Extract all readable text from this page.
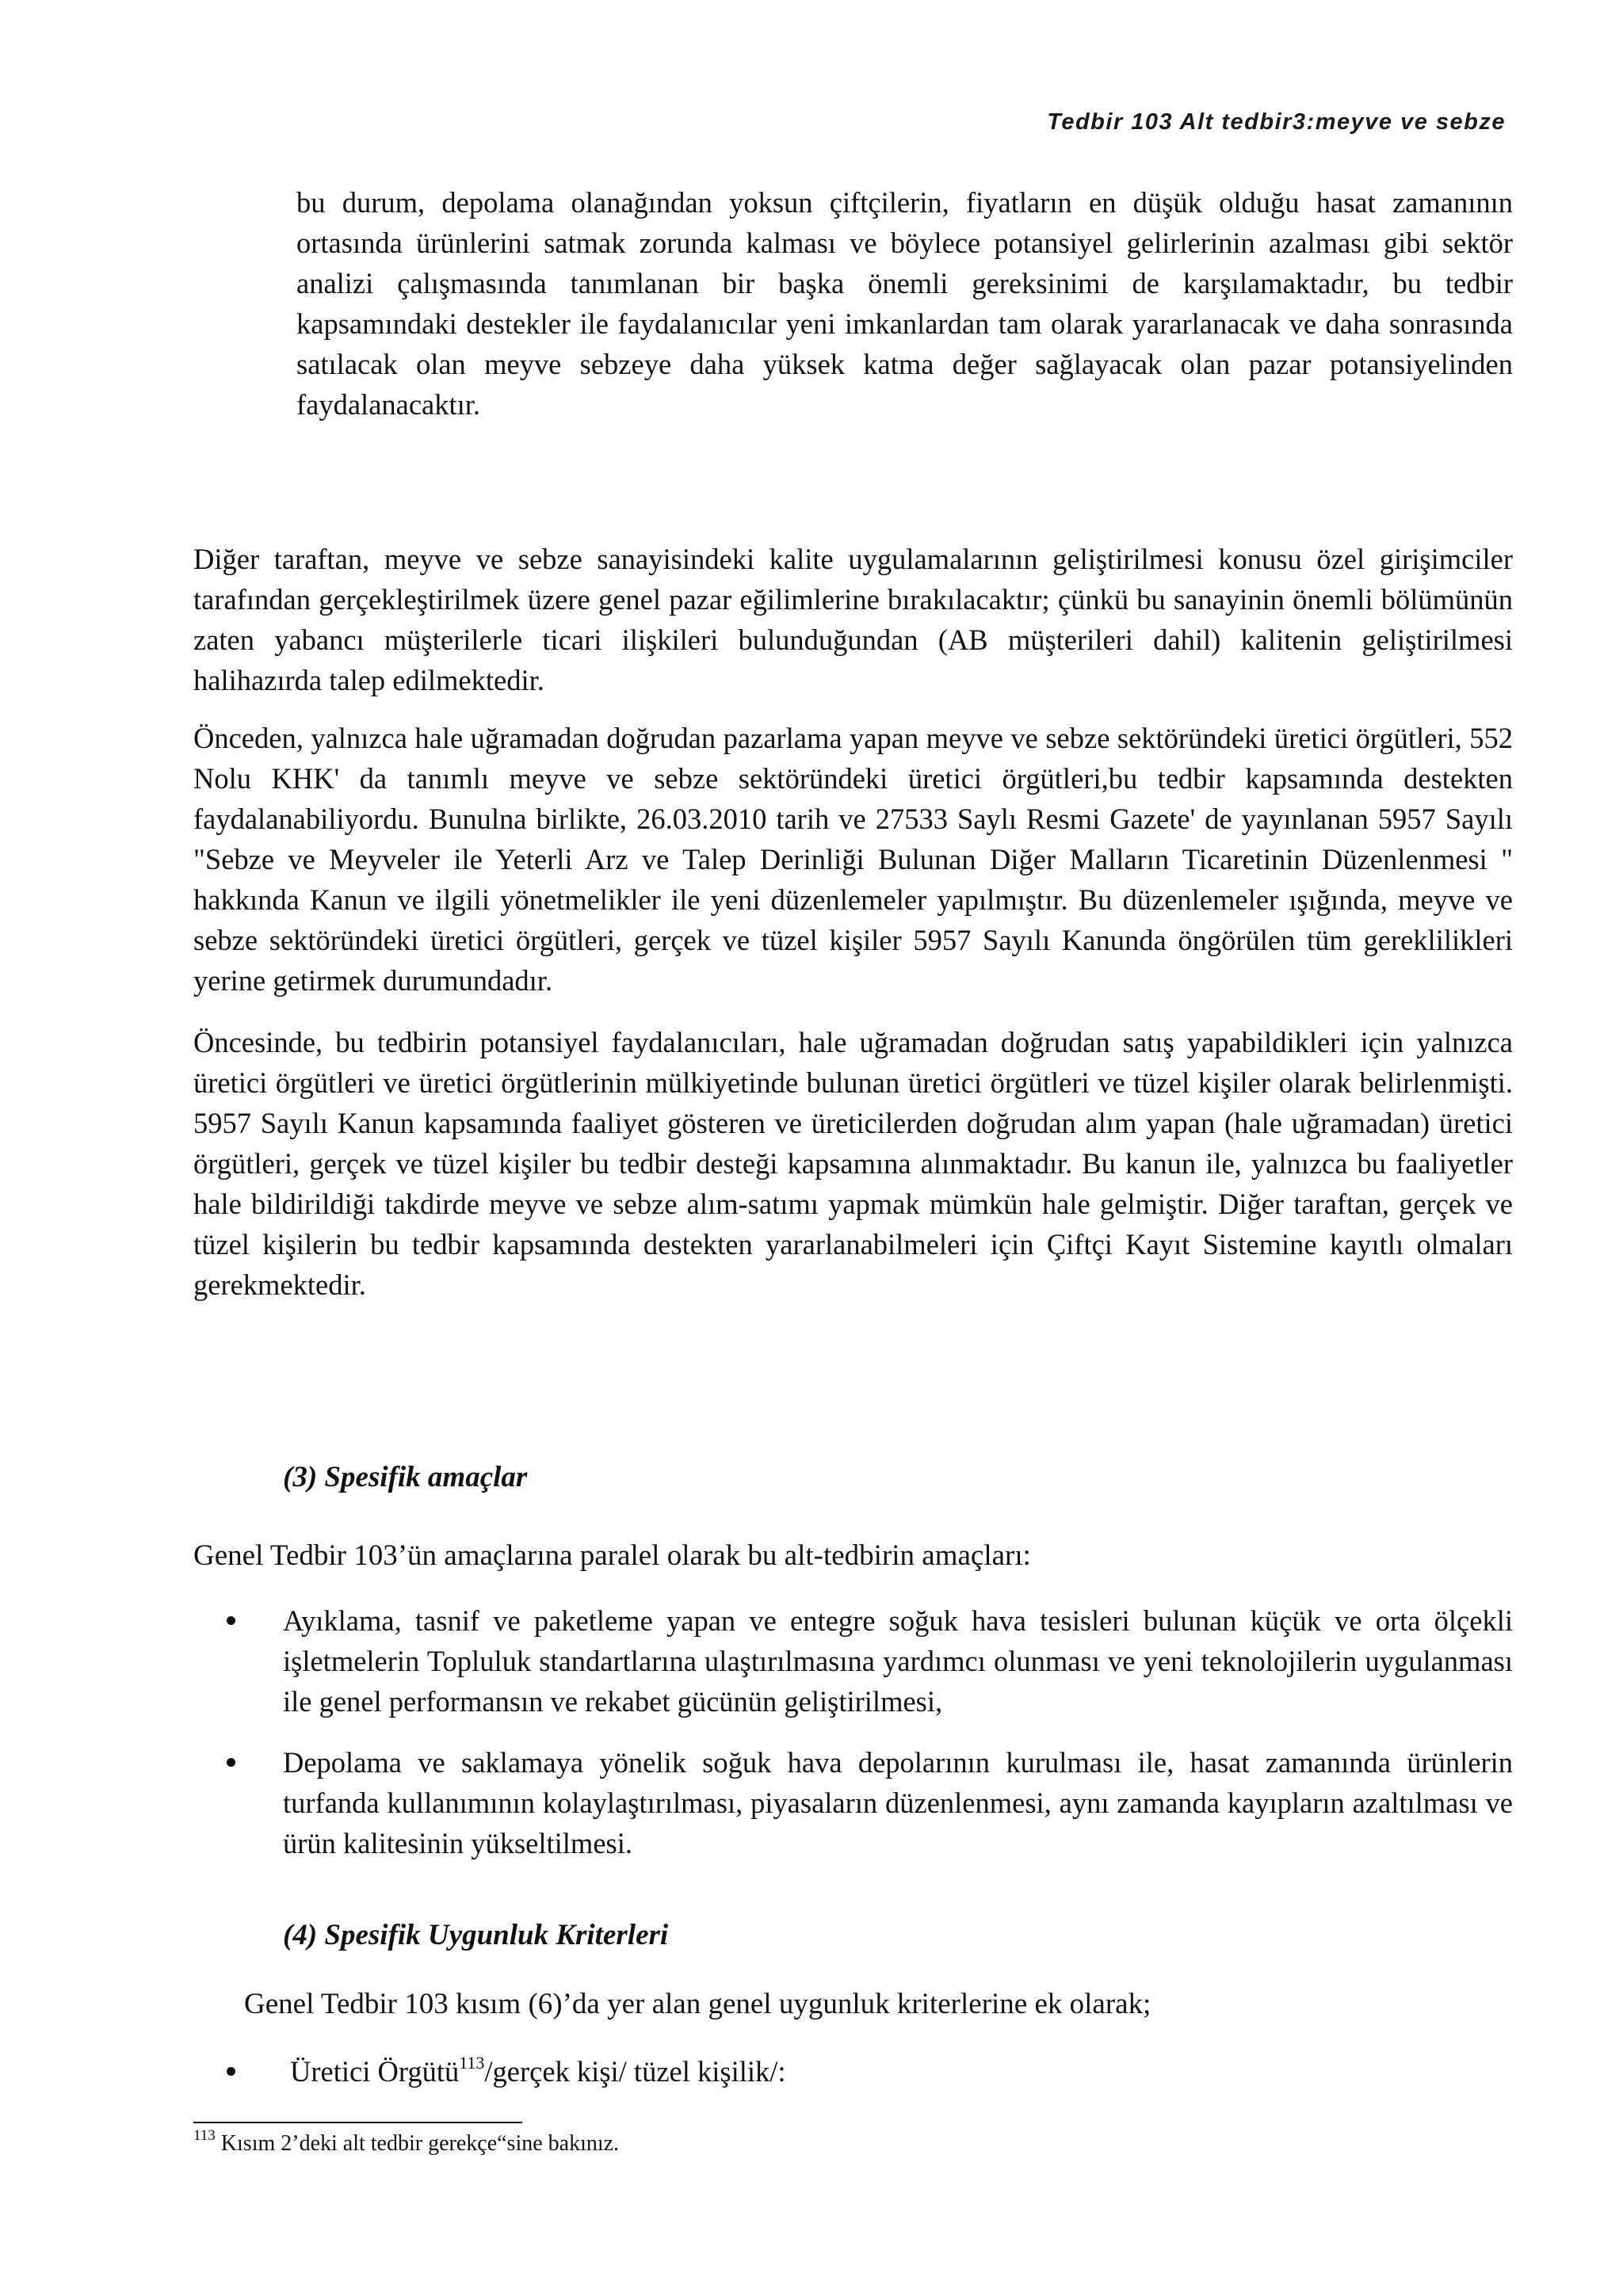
Tedbir 103 Alt tedbir3:meyve ve sebze

bu durum, depolama olanağından yoksun çiftçilerin, fiyatların en düşük olduğu hasat zamanının ortasında ürünlerini satmak zorunda kalması ve böylece potansiyel gelirlerinin azalması gibi sektör analizi çalışmasında tanımlanan bir başka önemli gereksinimi de karşılamaktadır, bu tedbir kapsamındaki destekler ile faydalanıcılar yeni imkanlardan tam olarak yararlanacak ve daha sonrasında satılacak olan meyve sebzeye daha yüksek katma değer sağlayacak olan pazar potansiyelinden faydalanacaktır.

Diğer taraftan, meyve ve sebze sanayisindeki kalite uygulamalarının geliştirilmesi konusu özel girişimciler tarafından gerçekleştirilmek üzere genel pazar eğilimlerine bırakılacaktır; çünkü bu sanayinin önemli bölümünün zaten yabancı müşterilerle ticari ilişkileri bulunduğundan (AB müşterileri dahil) kalitenin geliştirilmesi halihazırda talep edilmektedir.

Önceden, yalnızca hale uğramadan doğrudan pazarlama yapan meyve ve sebze sektöründeki üretici örgütleri, 552 Nolu KHK' da tanımlı meyve ve sebze sektöründeki üretici örgütleri,bu tedbir kapsamında destekten faydalanabiliyordu. Bunulna birlikte, 26.03.2010 tarih ve 27533 Saylı Resmi Gazete' de yayınlanan 5957 Sayılı "Sebze ve Meyveler ile Yeterli Arz ve Talep Derinliği Bulunan Diğer Malların Ticaretinin Düzenlenmesi " hakkında Kanun ve ilgili yönetmelikler ile yeni düzenlemeler yapılmıştır. Bu düzenlemeler ışığında, meyve ve sebze sektöründeki üretici örgütleri, gerçek ve tüzel kişiler 5957 Sayılı Kanunda öngörülen tüm gereklilikleri yerine getirmek durumundadır.

Öncesinde, bu tedbirin potansiyel faydalanıcıları, hale uğramadan doğrudan satış yapabildikleri için yalnızca üretici örgütleri ve üretici örgütlerinin mülkiyetinde bulunan üretici örgütleri ve tüzel kişiler olarak belirlenmişti. 5957 Sayılı Kanun kapsamında faaliyet gösteren ve üreticilerden doğrudan alım yapan (hale uğramadan) üretici örgütleri, gerçek ve tüzel kişiler bu tedbir desteği kapsamına alınmaktadır. Bu kanun ile, yalnızca bu faaliyetler hale bildirildiği takdirde meyve ve sebze alım-satımı yapmak mümkün hale gelmiştir. Diğer taraftan, gerçek ve tüzel kişilerin bu tedbir kapsamında destekten yararlanabilmeleri için Çiftçi Kayıt Sistemine kayıtlı olmaları gerekmektedir.

(3) Spesifik amaçlar

Genel Tedbir 103’ün amaçlarına paralel olarak bu alt-tedbirin amaçları:

Ayıklama, tasnif ve paketleme yapan ve entegre soğuk hava tesisleri bulunan küçük ve orta ölçekli işletmelerin Topluluk standartlarına ulaştırılmasına yardımcı olunması ve yeni teknolojilerin uygulanması ile genel performansın ve rekabet gücünün geliştirilmesi,

Depolama ve saklamaya yönelik soğuk hava depolarının kurulması ile, hasat zamanında ürünlerin turfanda kullanımının kolaylaştırılması, piyasaların düzenlenmesi, aynı zamanda kayıpların azaltılması ve ürün kalitesinin yükseltilmesi.

(4) Spesifik Uygunluk Kriterleri

Genel Tedbir 103 kısım (6)’da yer alan genel uygunluk kriterlerine ek olarak;

Üretici Örgütü$^{113}$/gerçek kişi/ tüzel kişilik/:

$^{113}$ Kısım 2’deki alt tedbir gerekçe“sine bakınız.
